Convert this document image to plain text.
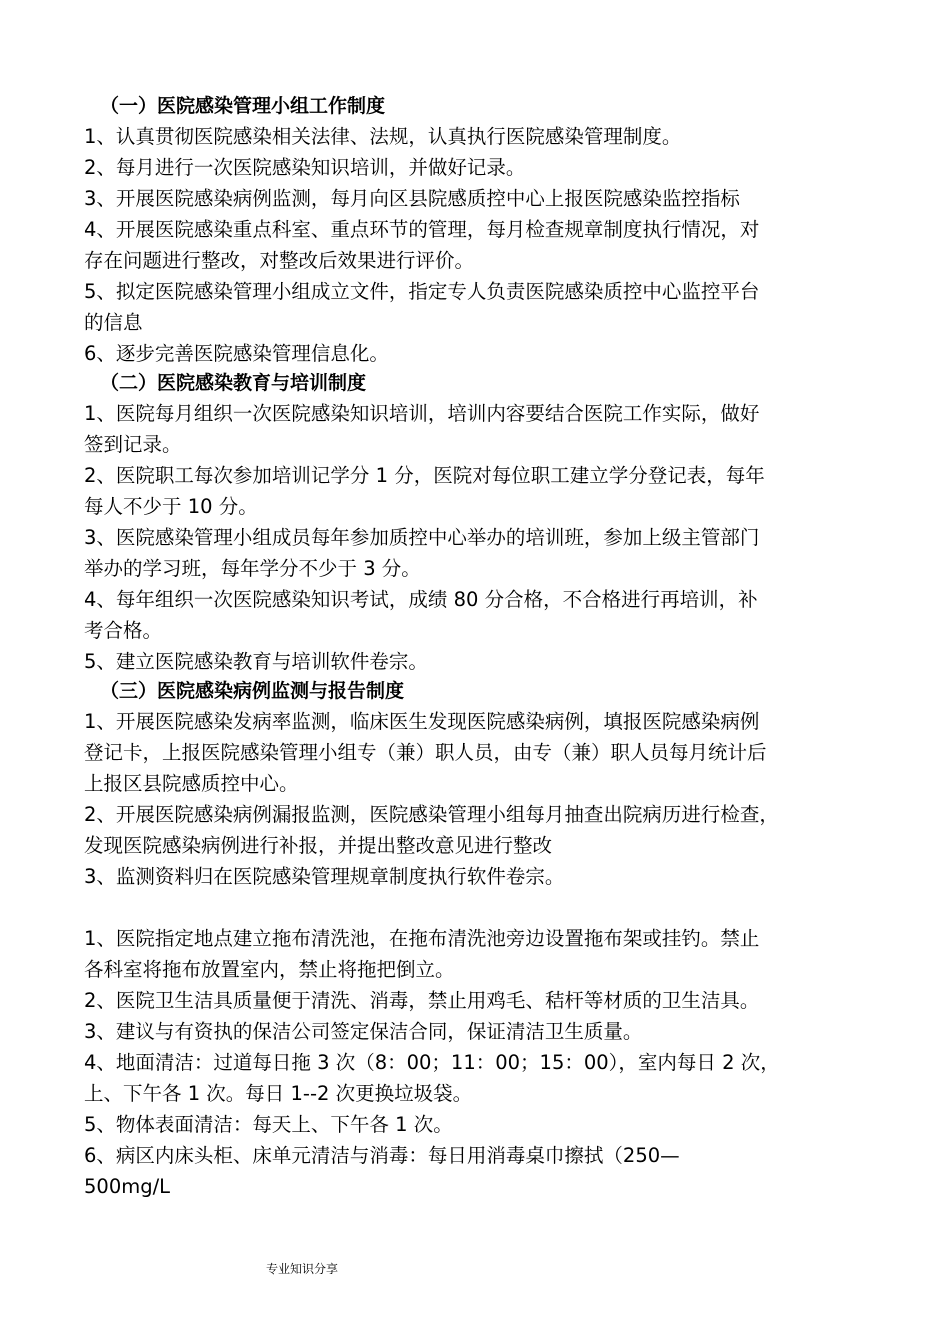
（一）医院感染管理小组工作制度

1、认真贯彻医院感染相关法律、法规，认真执行医院感染管理制度。

2、每月进行一次医院感染知识培训，并做好记录。

3、开展医院感染病例监测，每月向区县院感质控中心上报医院感染监控指标

4、开展医院感染重点科室、重点环节的管理，每月检查规章制度执行情况，对
存在问题进行整改，对整改后效果进行评价。

5、拟定医院感染管理小组成立文件，指定专人负责医院感染质控中心监控平台
的信息

6、逐步完善医院感染管理信息化。

（二）医院感染教育与培训制度

1、医院每月组织一次医院感染知识培训，培训内容要结合医院工作实际，做好
签到记录。

2、医院职工每次参加培训记学分 1 分，医院对每位职工建立学分登记表，每年
每人不少于 10 分。

3、医院感染管理小组成员每年参加质控中心举办的培训班，参加上级主管部门
举办的学习班，每年学分不少于 3 分。

4、每年组织一次医院感染知识考试，成绩 80 分合格，不合格进行再培训，补
考合格。

5、建立医院感染教育与培训软件卷宗。

（三）医院感染病例监测与报告制度

1、开展医院感染发病率监测，临床医生发现医院感染病例，填报医院感染病例
登记卡，上报医院感染管理小组专（兼）职人员，由专（兼）职人员每月统计后
上报区县院感质控中心。

2、开展医院感染病例漏报监测，医院感染管理小组每月抽查出院病历进行检查，
发现医院感染病例进行补报，并提出整改意见进行整改

3、监测资料归在医院感染管理规章制度执行软件卷宗。

1、医院指定地点建立拖布清洗池，在拖布清洗池旁边设置拖布架或挂钓。禁止
各科室将拖布放置室内，禁止将拖把倒立。

2、医院卫生洁具质量便于清洗、消毒，禁止用鸡毛、秸杆等材质的卫生洁具。

3、建议与有资执的保洁公司签定保洁合同，保证清洁卫生质量。

4、地面清洁：过道每日拖 3 次（8：00；11：00；15：00），室内每日 2 次，
上、下午各 1 次。每日 1--2 次更换垃圾袋。

5、物体表面清洁：每天上、下午各 1 次。

6、病区内床头柜、床单元清洁与消毒：每日用消毒桌巾擦拭（250—
500mg/L

专业知识分享
